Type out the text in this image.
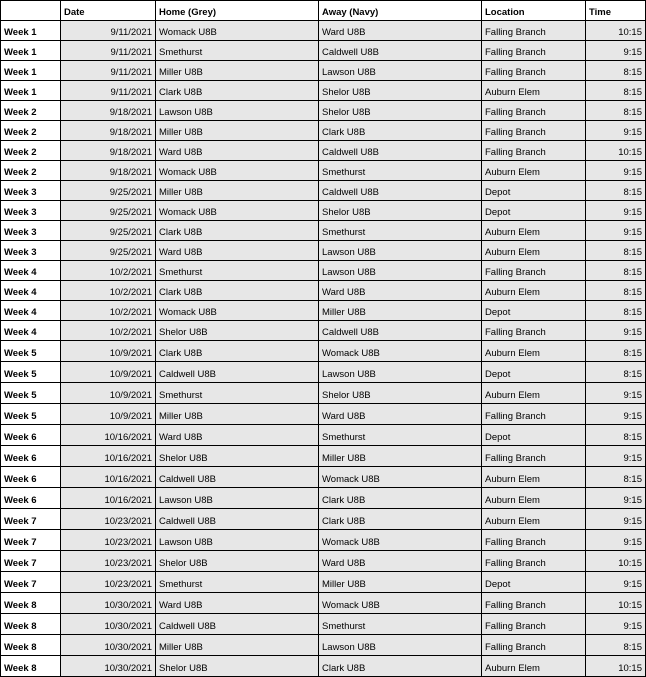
	Date	Home (Grey)	Away (Navy)	Location	Time
Week 1	9/11/2021	Womack U8B	Ward U8B	Falling Branch	10:15
Week 1	9/11/2021	Smethurst	Caldwell U8B	Falling Branch	9:15
Week 1	9/11/2021	Miller U8B	Lawson U8B	Falling Branch	8:15
Week 1	9/11/2021	Clark U8B	Shelor U8B	Auburn Elem	8:15
Week 2	9/18/2021	Lawson U8B	Shelor U8B	Falling Branch	8:15
Week 2	9/18/2021	Miller U8B	Clark U8B	Falling Branch	9:15
Week 2	9/18/2021	Ward U8B	Caldwell U8B	Falling Branch	10:15
Week 2	9/18/2021	Womack U8B	Smethurst	Auburn Elem	9:15
Week 3	9/25/2021	Miller U8B	Caldwell U8B	Depot	8:15
Week 3	9/25/2021	Womack U8B	Shelor U8B	Depot	9:15
Week 3	9/25/2021	Clark U8B	Smethurst	Auburn Elem	9:15
Week 3	9/25/2021	Ward U8B	Lawson U8B	Auburn Elem	8:15
Week 4	10/2/2021	Smethurst	Lawson U8B	Falling Branch	8:15
Week 4	10/2/2021	Clark U8B	Ward U8B	Auburn Elem	8:15
Week 4	10/2/2021	Womack U8B	Miller U8B	Depot	8:15
Week 4	10/2/2021	Shelor U8B	Caldwell U8B	Falling Branch	9:15
Week 5	10/9/2021	Clark U8B	Womack U8B	Auburn Elem	8:15
Week 5	10/9/2021	Caldwell U8B	Lawson U8B	Depot	8:15
Week 5	10/9/2021	Smethurst	Shelor U8B	Auburn Elem	9:15
Week 5	10/9/2021	Miller U8B	Ward U8B	Falling Branch	9:15
Week 6	10/16/2021	Ward U8B	Smethurst	Depot	8:15
Week 6	10/16/2021	Shelor U8B	Miller U8B	Falling Branch	9:15
Week 6	10/16/2021	Caldwell U8B	Womack U8B	Auburn Elem	8:15
Week 6	10/16/2021	Lawson U8B	Clark U8B	Auburn Elem	9:15
Week 7	10/23/2021	Caldwell U8B	Clark U8B	Auburn Elem	9:15
Week 7	10/23/2021	Lawson U8B	Womack U8B	Falling Branch	9:15
Week 7	10/23/2021	Shelor U8B	Ward U8B	Falling Branch	10:15
Week 7	10/23/2021	Smethurst	Miller U8B	Depot	9:15
Week 8	10/30/2021	Ward U8B	Womack U8B	Falling Branch	10:15
Week 8	10/30/2021	Caldwell U8B	Smethurst	Falling Branch	9:15
Week 8	10/30/2021	Miller U8B	Lawson U8B	Falling Branch	8:15
Week 8	10/30/2021	Shelor U8B	Clark U8B	Auburn Elem	10:15
